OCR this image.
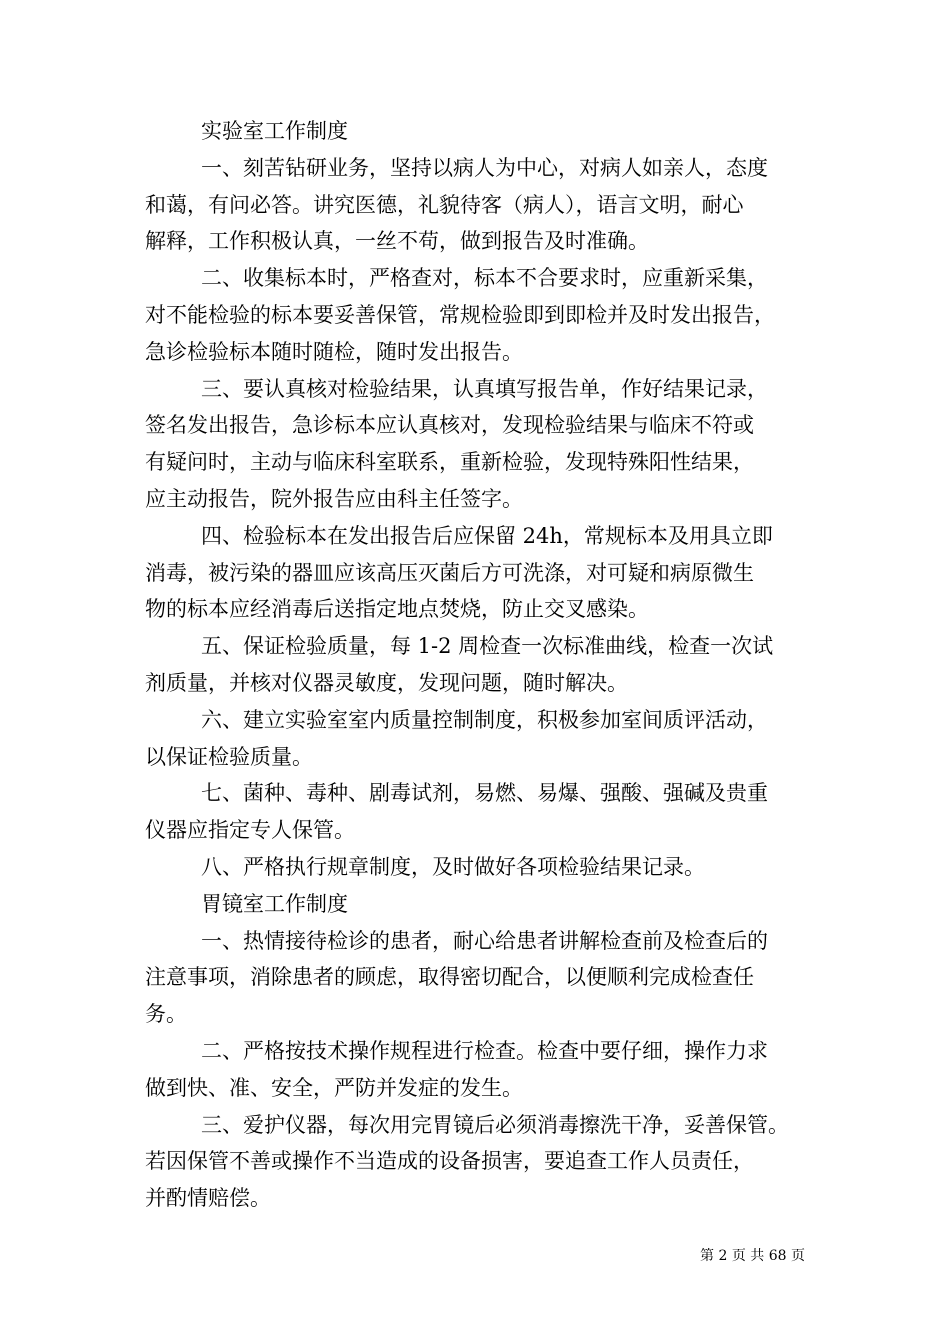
实验室工作制度

一、刻苦钻研业务，坚持以病人为中心，对病人如亲人，态度

和蔼，有问必答。讲究医德，礼貌待客（病人），语言文明，耐心

解释，工作积极认真，一丝不苟，做到报告及时准确。

二、收集标本时，严格查对，标本不合要求时，应重新采集，

对不能检验的标本要妥善保管，常规检验即到即检并及时发出报告，

急诊检验标本随时随检，随时发出报告。

三、要认真核对检验结果，认真填写报告单，作好结果记录，

签名发出报告，急诊标本应认真核对，发现检验结果与临床不符或

有疑问时，主动与临床科室联系，重新检验，发现特殊阳性结果，

应主动报告，院外报告应由科主任签字。

四、检验标本在发出报告后应保留 24h，常规标本及用具立即

消毒，被污染的器皿应该高压灭菌后方可洗涤，对可疑和病原微生

物的标本应经消毒后送指定地点焚烧，防止交叉感染。

五、保证检验质量，每 1-2 周检查一次标准曲线，检查一次试

剂质量，并核对仪器灵敏度，发现问题，随时解决。

六、建立实验室室内质量控制制度，积极参加室间质评活动，

以保证检验质量。

七、菌种、毒种、剧毒试剂，易燃、易爆、强酸、强碱及贵重

仪器应指定专人保管。

八、严格执行规章制度，及时做好各项检验结果记录。

胃镜室工作制度

一、热情接待检诊的患者，耐心给患者讲解检查前及检查后的

注意事项，消除患者的顾虑，取得密切配合，以便顺利完成检查任

务。

二、严格按技术操作规程进行检查。检查中要仔细，操作力求

做到快、准、安全，严防并发症的发生。

三、爱护仪器，每次用完胃镜后必须消毒擦洗干净，妥善保管。

若因保管不善或操作不当造成的设备损害，要追查工作人员责任，

并酌情赔偿。

第 2 页 共 68 页
